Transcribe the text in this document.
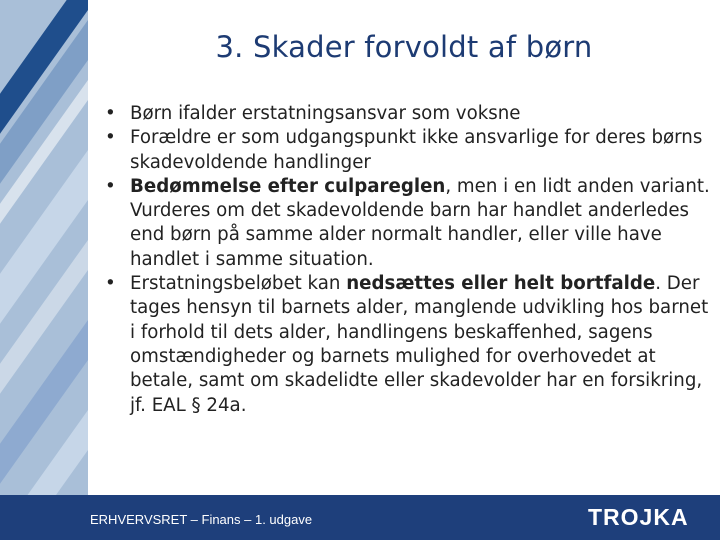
3. Skader forvoldt af børn
• Børn ifalder erstatningsansvar som voksne
• Forældre er som udgangspunkt ikke ansvarlige for deres børns skadevoldende handlinger
• Bedømmelse efter culpareglen, men i en lidt anden variant. Vurderes om det skadevoldende barn har handlet anderledes end børn på samme alder normalt handler, eller ville have handlet i samme situation.
• Erstatningsbeløbet kan nedsættes eller helt bortfalde. Der tages hensyn til barnets alder, manglende udvikling hos barnet i forhold til dets alder, handlingens beskaffenhed, sagens omstændigheder og barnets mulighed for overhovedet at betale, samt om skadelidte eller skadevolder har en forsikring, jf. EAL § 24a.
ERHVERVSRET – Finans – 1. udgave	TROJKA
